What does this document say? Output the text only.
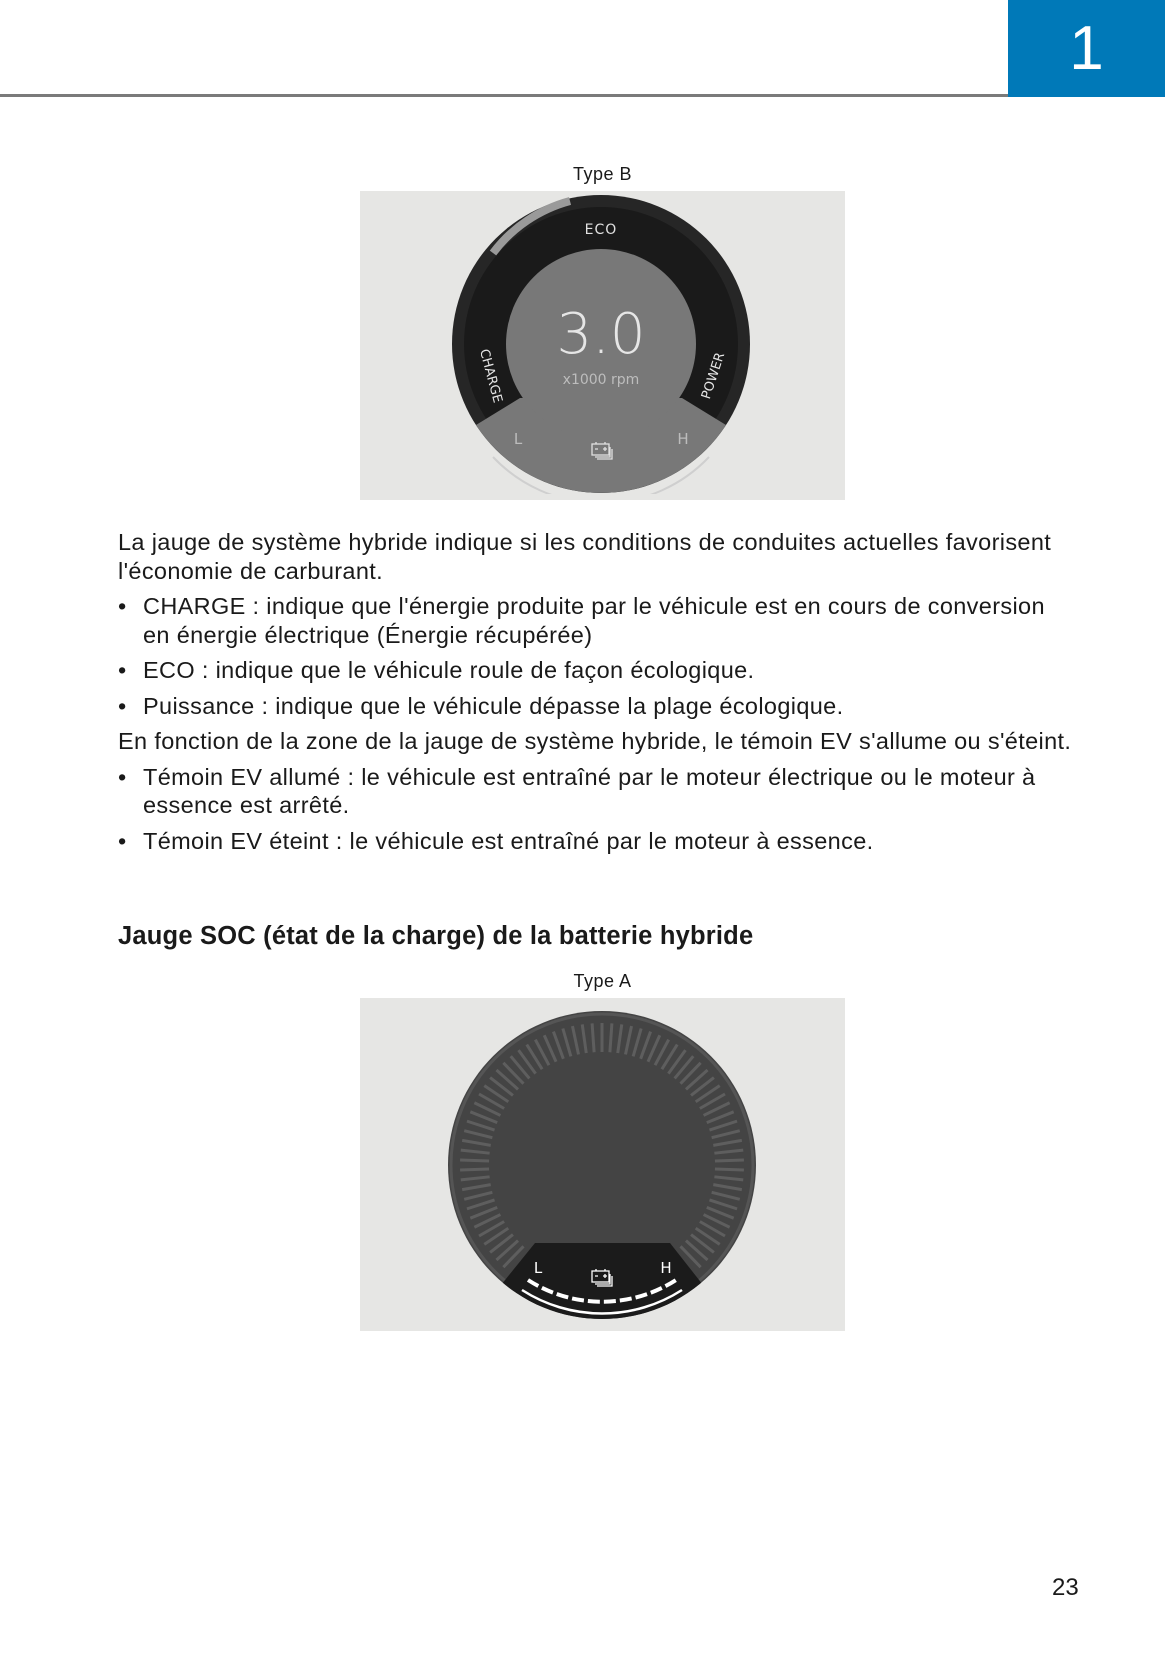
1
Type B
ECO
3.0
x1000 rpm
CHARGE	POWER
L	H

La jauge de système hybride indique si les conditions de conduites actuelles favorisent l'économie de carburant.

• CHARGE : indique que l'énergie produite par le véhicule est en cours de conversion en énergie électrique (Énergie récupérée)
• ECO : indique que le véhicule roule de façon écologique.
• Puissance : indique que le véhicule dépasse la plage écologique.

En fonction de la zone de la jauge de système hybride, le témoin EV s'allume ou s'éteint.

• Témoin EV allumé : le véhicule est entraîné par le moteur électrique ou le moteur à essence est arrêté.
• Témoin EV éteint : le véhicule est entraîné par le moteur à essence.
Jauge SOC (état de la charge) de la batterie hybride
Type A
L	H
23
